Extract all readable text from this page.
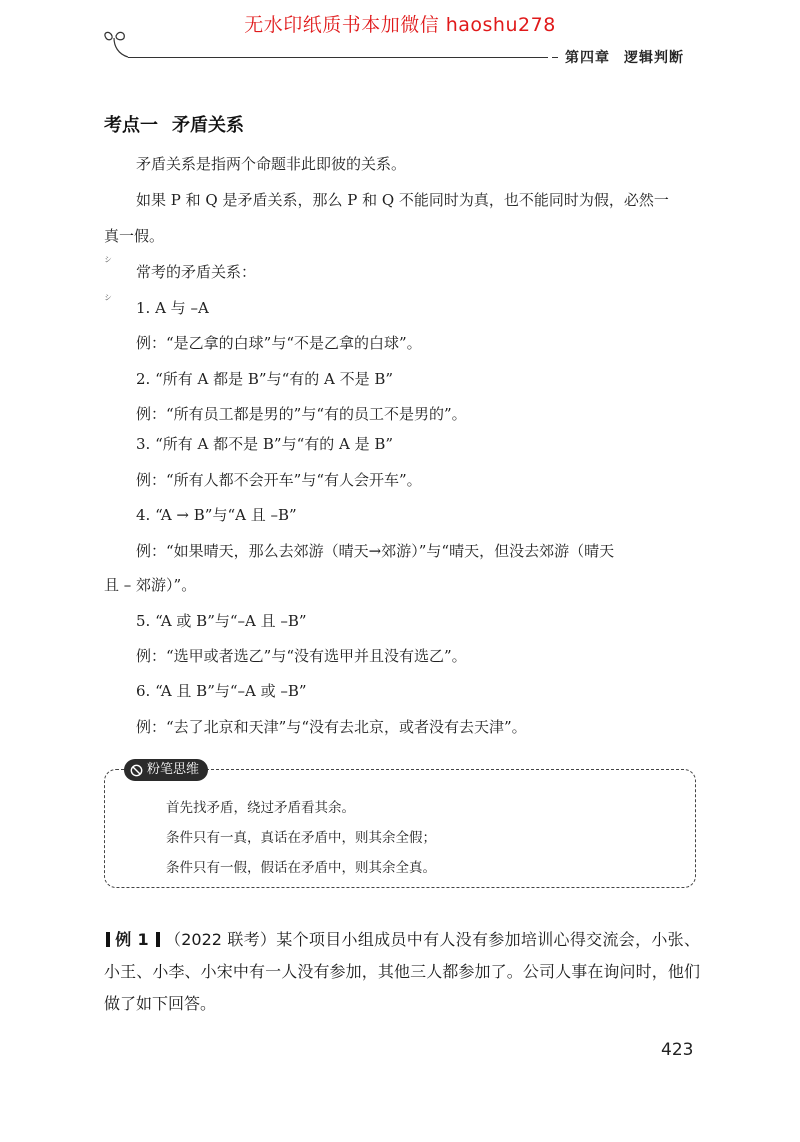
无水印纸质书本加微信 haoshu278
第四章 逻辑判断
考点一 矛盾关系
矛盾关系是指两个命题非此即彼的关系。
如果 P 和 Q 是矛盾关系，那么 P 和 Q 不能同时为真，也不能同时为假，必然一
真一假。
ㇱ
常考的矛盾关系：
ㇱ
1. A 与 –A
例：“是乙拿的白球”与“不是乙拿的白球”。
2. “所有 A 都是 B”与“有的 A 不是 B”
例：“所有员工都是男的”与“有的员工不是男的”。
3. “所有 A 都不是 B”与“有的 A 是 B”
例：“所有人都不会开车”与“有人会开车”。
4. “A → B”与“A 且 –B”
例：“如果晴天，那么去郊游（晴天→郊游）”与“晴天，但没去郊游（晴天
且 – 郊游）”。
5. “A 或 B”与“–A 且 –B”
例：“选甲或者选乙”与“没有选甲并且没有选乙”。
6. “A 且 B”与“–A 或 –B”
例：“去了北京和天津”与“没有去北京，或者没有去天津”。
粉笔思维
首先找矛盾，绕过矛盾看其余。
条件只有一真，真话在矛盾中，则其余全假；
条件只有一假，假话在矛盾中，则其余全真。
例 1 （2022 联考）某个项目小组成员中有人没有参加培训心得交流会，小张、小王、小李、小宋中有一人没有参加，其他三人都参加了。公司人事在询问时，他们做了如下回答。
423
